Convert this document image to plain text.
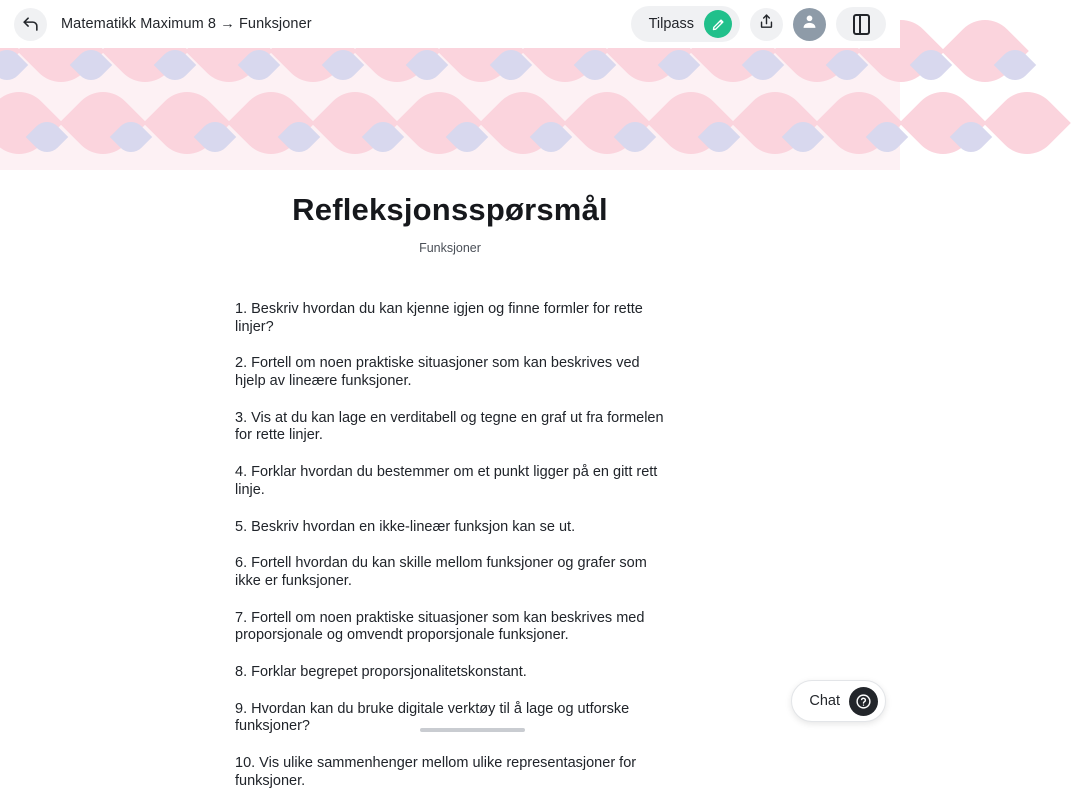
Matematikk Maximum 8 → Funksjoner	Tilpass
Refleksjonsspørsmål
Funksjoner
1. Beskriv hvordan du kan kjenne igjen og finne formler for rette linjer?
2. Fortell om noen praktiske situasjoner som kan beskrives ved hjelp av lineære funksjoner.
3. Vis at du kan lage en verditabell og tegne en graf ut fra formelen for rette linjer.
4. Forklar hvordan du bestemmer om et punkt ligger på en gitt rett linje.
5. Beskriv hvordan en ikke-lineær funksjon kan se ut.
6. Fortell hvordan du kan skille mellom funksjoner og grafer som ikke er funksjoner.
7. Fortell om noen praktiske situasjoner som kan beskrives med proporsjonale og omvendt proporsjonale funksjoner.
8. Forklar begrepet proporsjonalitetskonstant.
9. Hvordan kan du bruke digitale verktøy til å lage og utforske funksjoner?
10. Vis ulike sammenhenger mellom ulike representasjoner for funksjoner.
Chat
